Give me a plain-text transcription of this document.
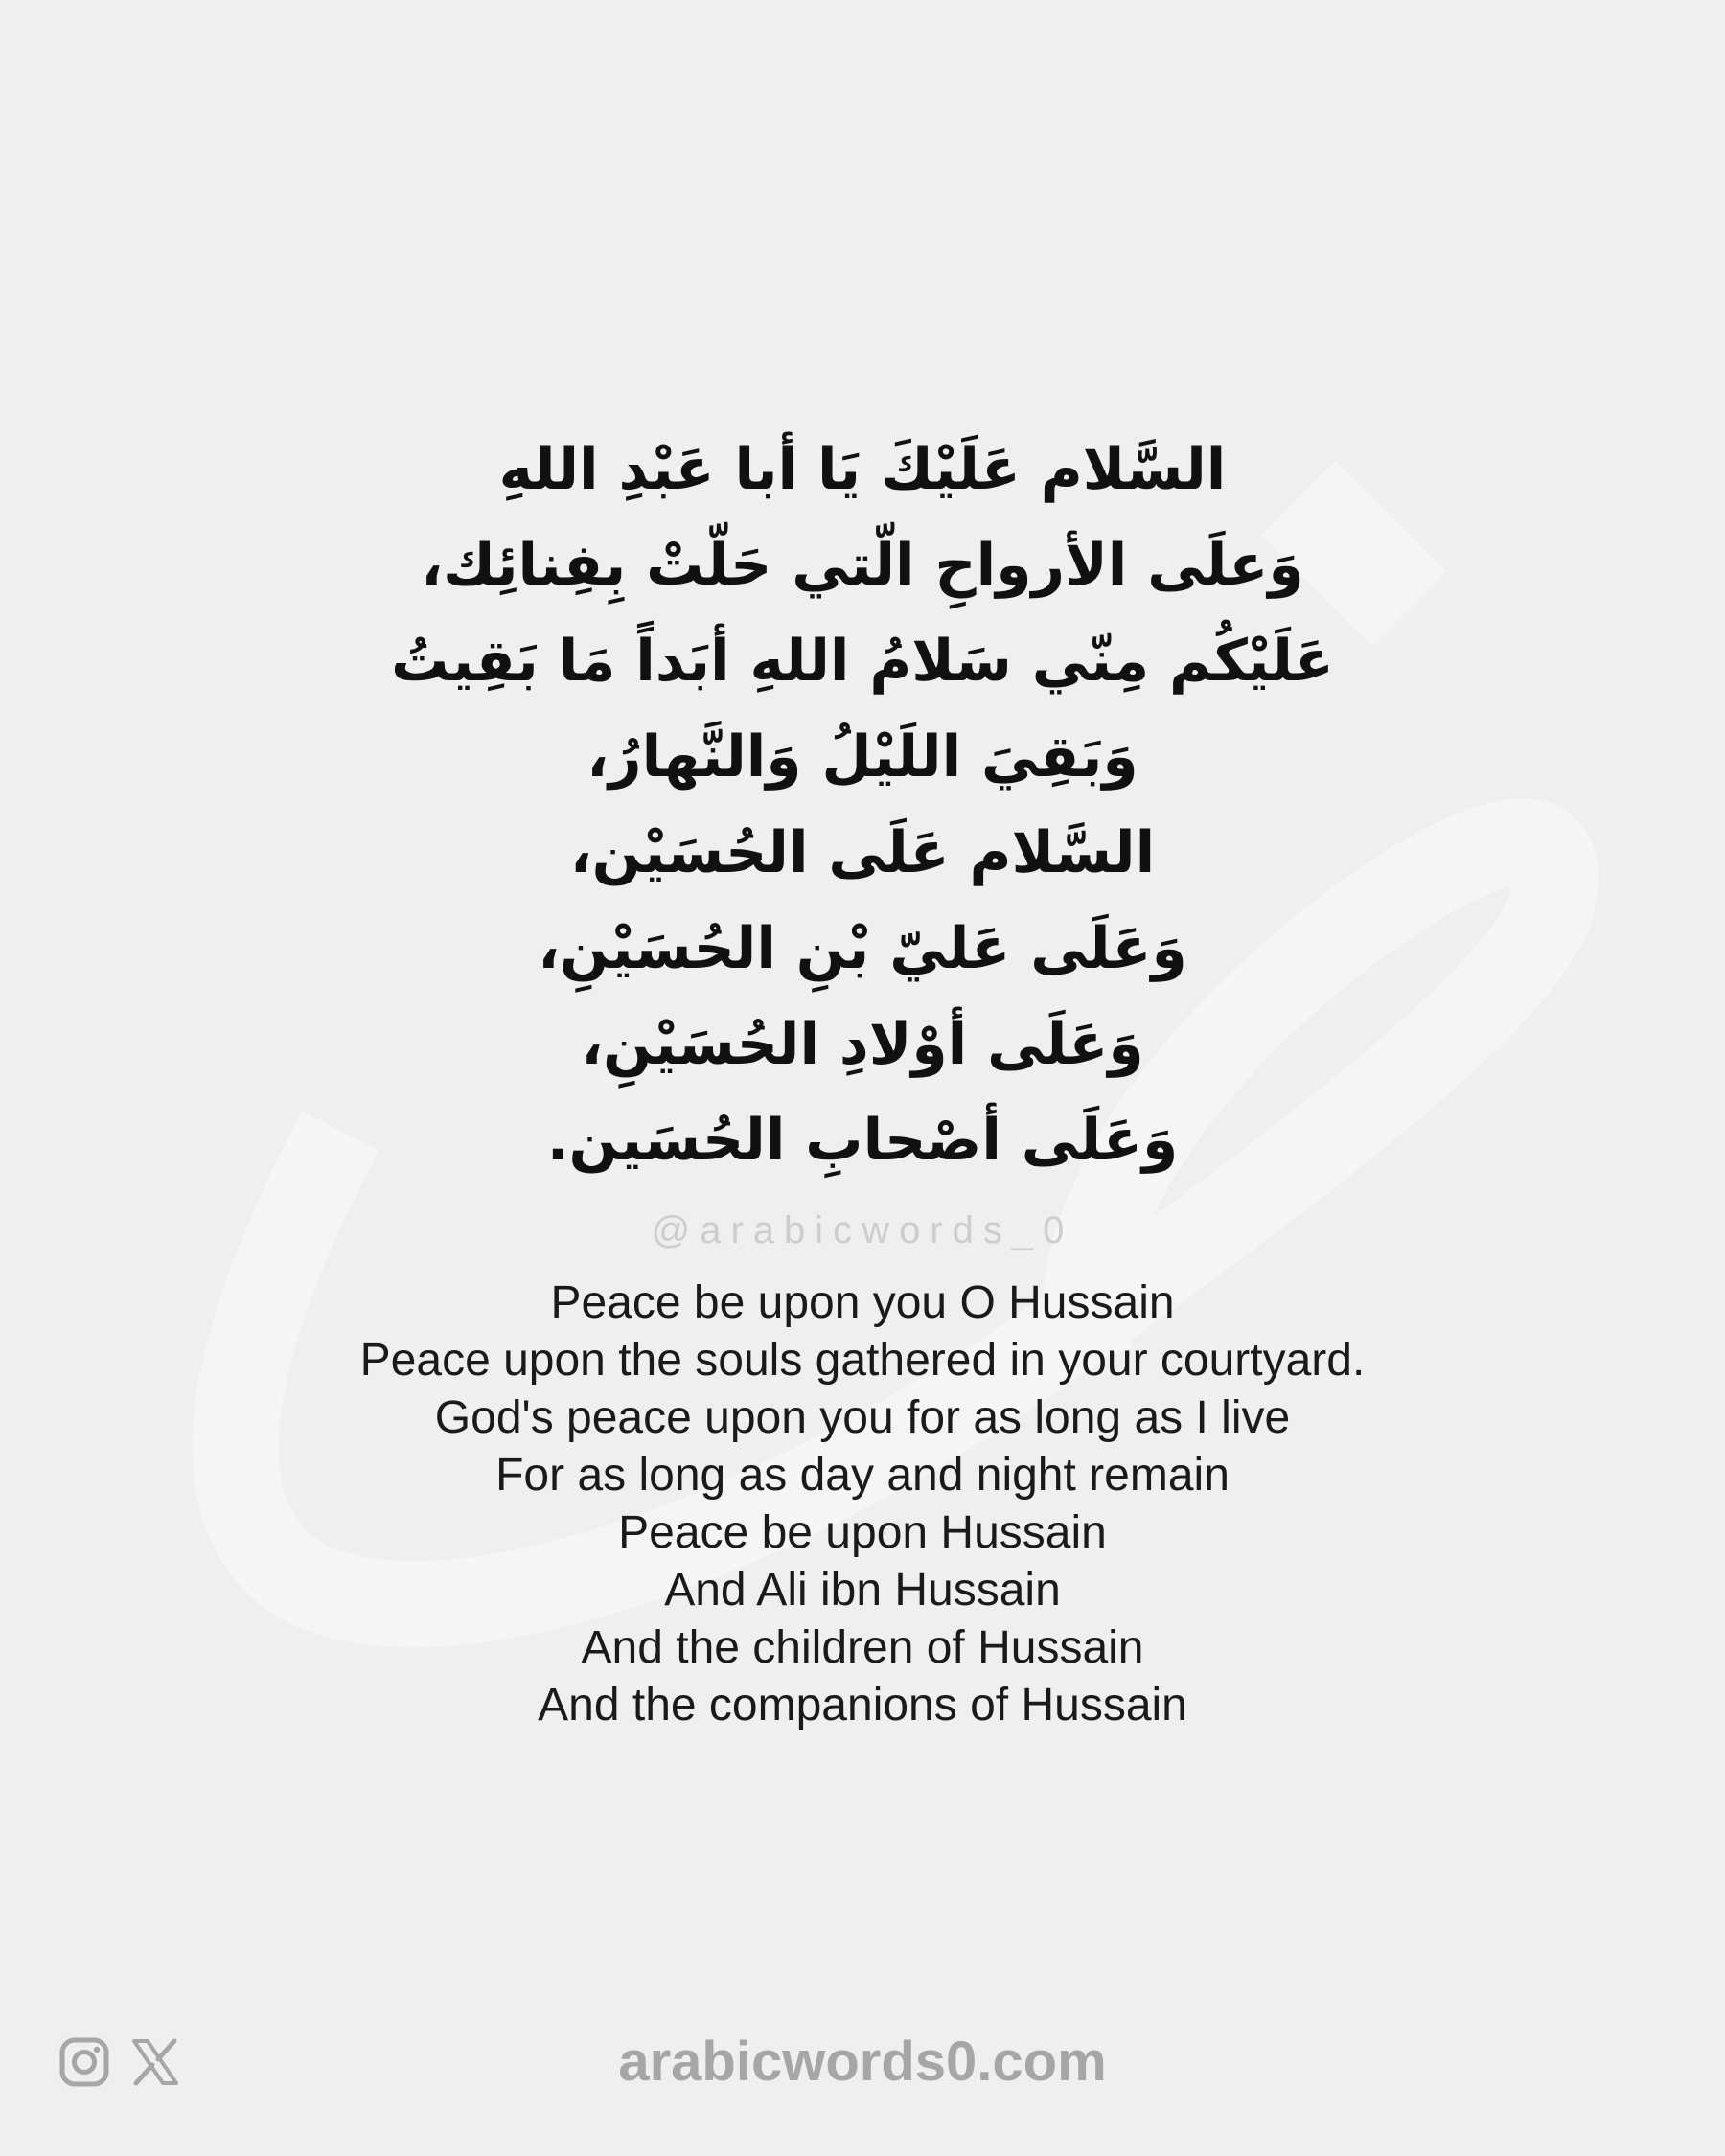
السَّلام عَلَيْكَ يَا أبا عَبْدِ اللهِ
وَعلَى الأرواحِ الّتي حَلّتْ بِفِنائِك،
عَلَيْكُم مِنّي سَلامُ اللهِ أبَداً مَا بَقِيتُ
وَبَقِيَ اللَيْلُ وَالنَّهارُ،
السَّلام عَلَى الحُسَيْن،
وَعَلَى عَليّ بْنِ الحُسَيْنِ،
وَعَلَى أوْلادِ الحُسَيْنِ،
وَعَلَى أصْحابِ الحُسَين.
@arabicwords_0
Peace be upon you O Hussain
Peace upon the souls gathered in your courtyard.
God's peace upon you for as long as I live
For as long as day and night remain
Peace be upon Hussain
And Ali ibn Hussain
And the children of Hussain
And the companions of Hussain
arabicwords0.com
